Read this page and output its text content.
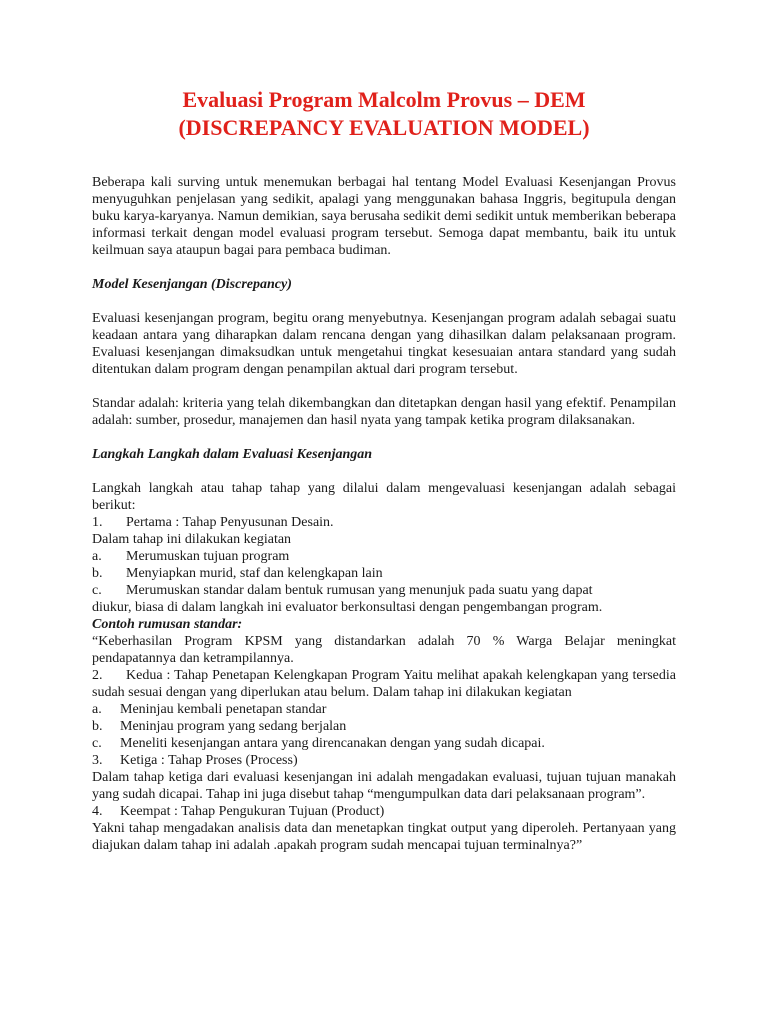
Evaluasi Program Malcolm Provus – DEM
(DISCREPANCY EVALUATION MODEL)

Beberapa kali surving untuk menemukan berbagai hal tentang Model Evaluasi Kesenjangan Provus menyuguhkan penjelasan yang sedikit, apalagi yang menggunakan bahasa Inggris, begitupula dengan buku karya-karyanya. Namun demikian, saya berusaha sedikit demi sedikit untuk memberikan beberapa informasi terkait dengan model evaluasi program tersebut. Semoga dapat membantu, baik itu untuk keilmuan saya ataupun bagai para pembaca budiman.

Model Kesenjangan (Discrepancy)

Evaluasi kesenjangan program, begitu orang menyebutnya. Kesenjangan program adalah sebagai suatu keadaan antara yang diharapkan dalam rencana dengan yang dihasilkan dalam pelaksanaan program. Evaluasi kesenjangan dimaksudkan untuk mengetahui tingkat kesesuaian antara standard yang sudah ditentukan dalam program dengan penampilan aktual dari program tersebut.

Standar adalah: kriteria yang telah dikembangkan dan ditetapkan dengan hasil yang efektif. Penampilan adalah: sumber, prosedur, manajemen dan hasil nyata yang tampak ketika program dilaksanakan.

Langkah Langkah dalam Evaluasi Kesenjangan

Langkah langkah atau tahap tahap yang dilalui dalam mengevaluasi kesenjangan adalah sebagai berikut:

1.	Pertama : Tahap Penyusunan Desain.

Dalam tahap ini dilakukan kegiatan

a.	Merumuskan tujuan program
b.	Menyiapkan murid, staf dan kelengkapan lain
c.	Merumuskan standar dalam bentuk rumusan yang menunjuk pada suatu yang dapat

diukur, biasa di dalam langkah ini evaluator berkonsultasi dengan pengembangan program.

Contoh rumusan standar:

“Keberhasilan Program KPSM yang distandarkan adalah 70 % Warga Belajar meningkat pendapatannya dan ketrampilannya.

2.	Kedua : Tahap Penetapan Kelengkapan Program Yaitu melihat apakah kelengkapan yang tersedia sudah sesuai dengan yang diperlukan atau belum. Dalam tahap ini dilakukan kegiatan

a.	Meninjau kembali penetapan standar
b.	Meninjau program yang sedang berjalan
c.	Meneliti kesenjangan antara yang direncanakan dengan yang sudah dicapai.
3.	Ketiga : Tahap Proses (Process)

Dalam tahap ketiga dari evaluasi kesenjangan ini adalah mengadakan evaluasi, tujuan tujuan manakah yang sudah dicapai. Tahap ini juga disebut tahap “mengumpulkan data dari pelaksanaan program”.

4.	Keempat : Tahap Pengukuran Tujuan (Product)

Yakni tahap mengadakan analisis data dan menetapkan tingkat output yang diperoleh. Pertanyaan yang diajukan dalam tahap ini adalah .apakah program sudah mencapai tujuan terminalnya?”
